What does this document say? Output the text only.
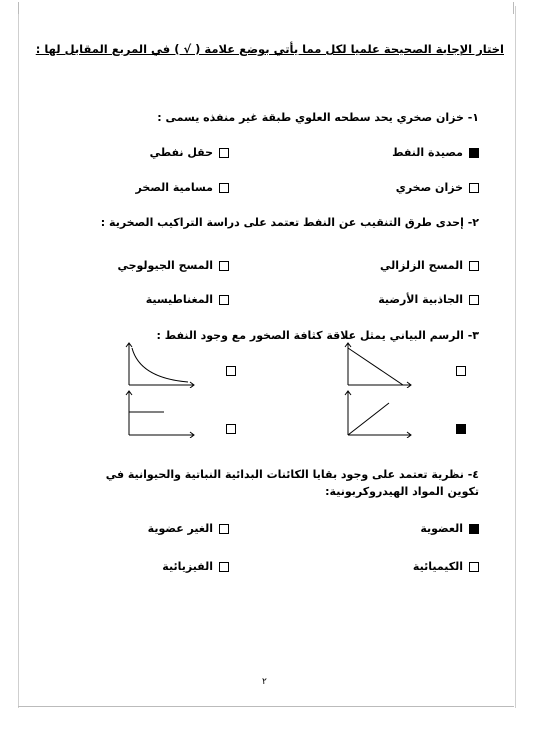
اختار الإجابة الصحيحة علميا لكل مما يأتي بوضع علامة ( √ ) في المربع المقابل لها :
١- خزان صخري يحد سطحه العلوي طبقة غير منفذه يسمى :
مصيدة النفط
حقل نفطي
خزان صخري
مسامية الصخر
٢- إحدى طرق التنقيب عن النفط تعتمد على دراسة التراكيب الصخرية :
المسح الزلزالي
المسح الجيولوجي
الجاذبية الأرضية
المغناطيسية
٣- الرسم البياني يمثل علاقة كثافة الصخور مع وجود النفط :
٤- نظرية تعتمد على وجود بقايا الكائنات البدائية النباتية والحيوانية في تكوين المواد الهيدروكربونية:
العضوية
الغير عضوية
الكيميائية
الفيزيائية
٢
